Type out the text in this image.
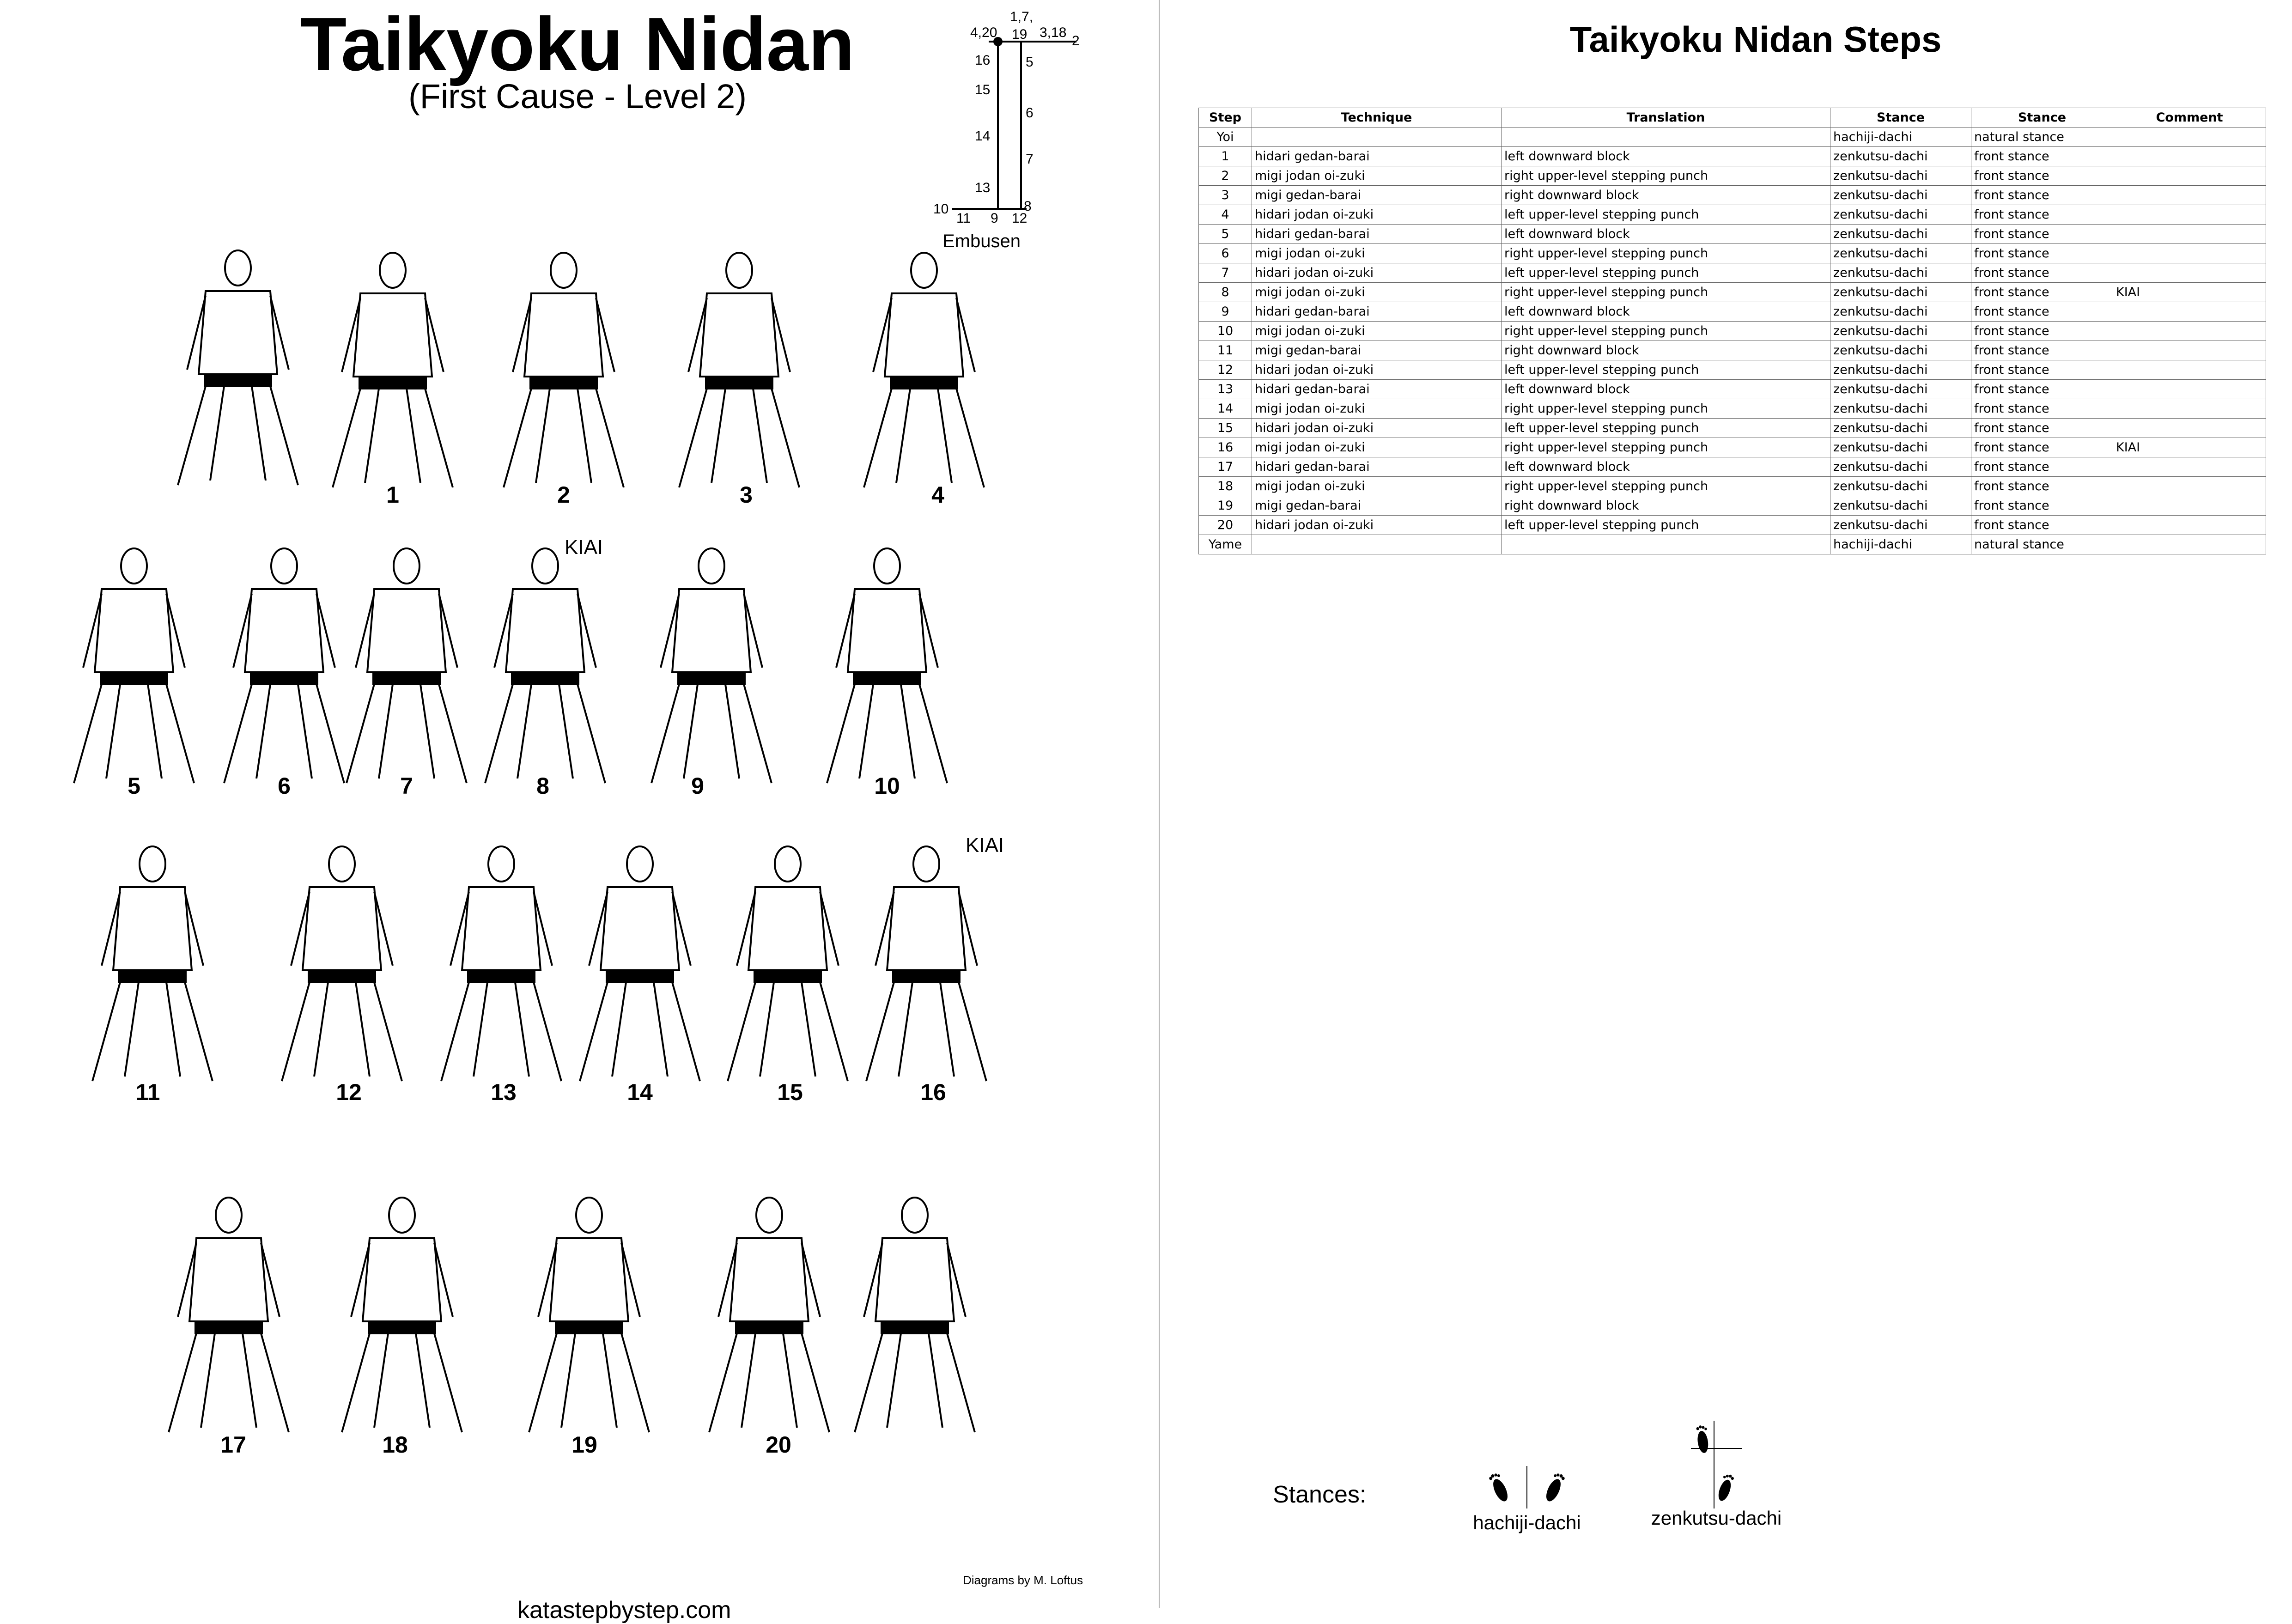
Taikyoku Nidan
(First Cause - Level 2)
1,7,
19
4,20	3,18
2
16	5
15
6
14
7
13
10	8
11 9 12
Embusen
1	2	3	4
5	6	7	8	9	10
11	12	13	14	15	16
17	18	19	20
KIAI
KIAI
Diagrams by M. Loftus
katastepbystep.com
Taikyoku Nidan Steps
Step	Technique	Translation	Stance	Stance	Comment
Yoi			hachiji-dachi	natural stance	
1	hidari gedan-barai	left downward block	zenkutsu-dachi	front stance	
2	migi jodan oi-zuki	right upper-level stepping punch	zenkutsu-dachi	front stance	
3	migi gedan-barai	right downward block	zenkutsu-dachi	front stance	
4	hidari jodan oi-zuki	left upper-level stepping punch	zenkutsu-dachi	front stance	
5	hidari gedan-barai	left downward block	zenkutsu-dachi	front stance	
6	migi jodan oi-zuki	right upper-level stepping punch	zenkutsu-dachi	front stance	
7	hidari jodan oi-zuki	left upper-level stepping punch	zenkutsu-dachi	front stance	
8	migi jodan oi-zuki	right upper-level stepping punch	zenkutsu-dachi	front stance	KIAI
9	hidari gedan-barai	left downward block	zenkutsu-dachi	front stance	
10	migi jodan oi-zuki	right upper-level stepping punch	zenkutsu-dachi	front stance	
11	migi gedan-barai	right downward block	zenkutsu-dachi	front stance	
12	hidari jodan oi-zuki	left upper-level stepping punch	zenkutsu-dachi	front stance	
13	hidari gedan-barai	left downward block	zenkutsu-dachi	front stance	
14	migi jodan oi-zuki	right upper-level stepping punch	zenkutsu-dachi	front stance	
15	hidari jodan oi-zuki	left upper-level stepping punch	zenkutsu-dachi	front stance	
16	migi jodan oi-zuki	right upper-level stepping punch	zenkutsu-dachi	front stance	KIAI
17	hidari gedan-barai	left downward block	zenkutsu-dachi	front stance	
18	migi jodan oi-zuki	right upper-level stepping punch	zenkutsu-dachi	front stance	
19	migi gedan-barai	right downward block	zenkutsu-dachi	front stance	
20	hidari jodan oi-zuki	left upper-level stepping punch	zenkutsu-dachi	front stance	
Yame			hachiji-dachi	natural stance	
Stances:
hachiji-dachi	zenkutsu-dachi
